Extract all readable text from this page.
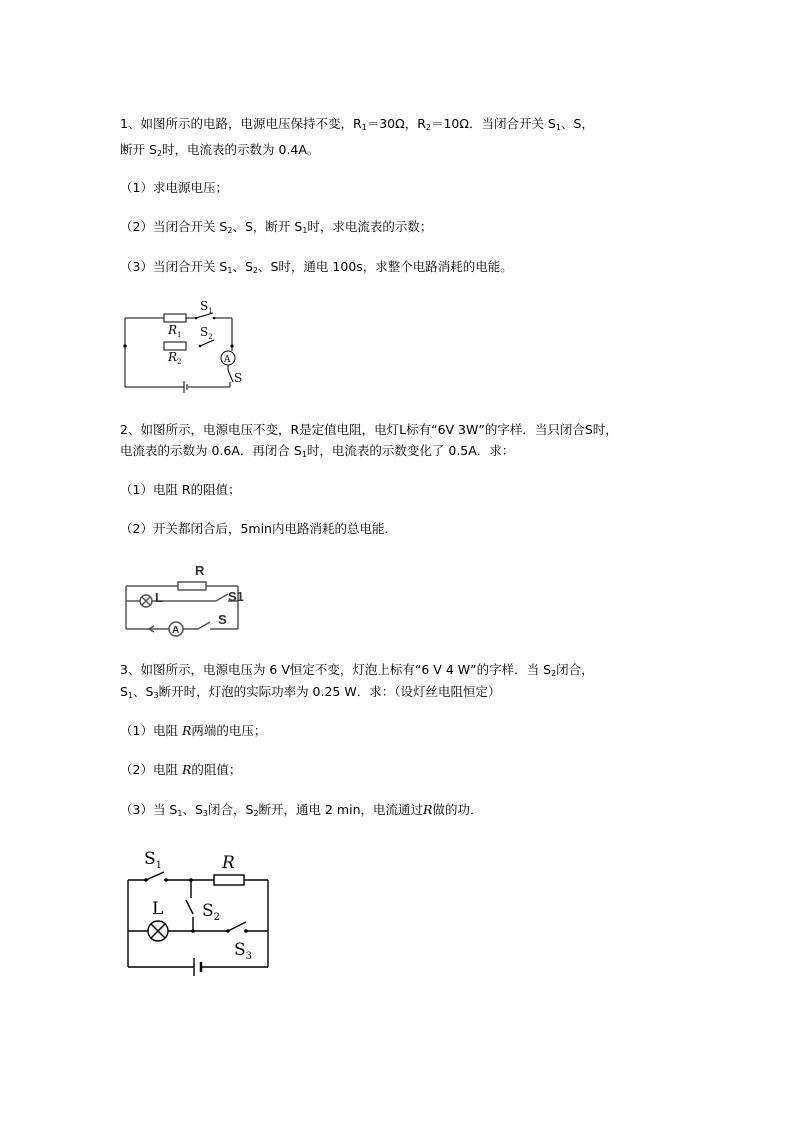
1、如图所示的电路，电源电压保持不变，$R_1=30\Omega$，$R_2=10\Omega$．当闭合开关 $S_1$、S，
断开 $S_2$时，电流表的示数为 0.4A。
（1）求电源电压；
（2）当闭合开关 $S_2$、S，断开 $S_1$时，求电流表的示数；
（3）当闭合开关 $S_1$、$S_2$、S时，通电 100s，求整个电路消耗的电能。
$S_1$
$R_1$ $S_2$
$R_2$	A
S
2、如图所示，电源电压不变，R是定值电阻，电灯L标有“6V 3W”的字样．当只闭合S时，
电流表的示数为 0.6A．再闭合 $S_1$时，电流表的示数变化了 0.5A．求：
（1）电阻 R的阻值；
（2）开关都闭合后，5min内电路消耗的总电能．
R
L	S1
S
A
3、如图所示，电源电压为 6 V恒定不变，灯泡上标有“6 V 4 W”的字样．当 $S_2$闭合，
$S_1$、$S_3$断开时，灯泡的实际功率为 0.25 W．求：（设灯丝电阻恒定）
（1）电阻 R两端的电压；
（2）电阻 R的阻值；
（3）当 $S_1$、$S_3$闭合，$S_2$断开，通电 2 min，电流通过R做的功．
$S_1$	R
L $S_2$
$S_3$
